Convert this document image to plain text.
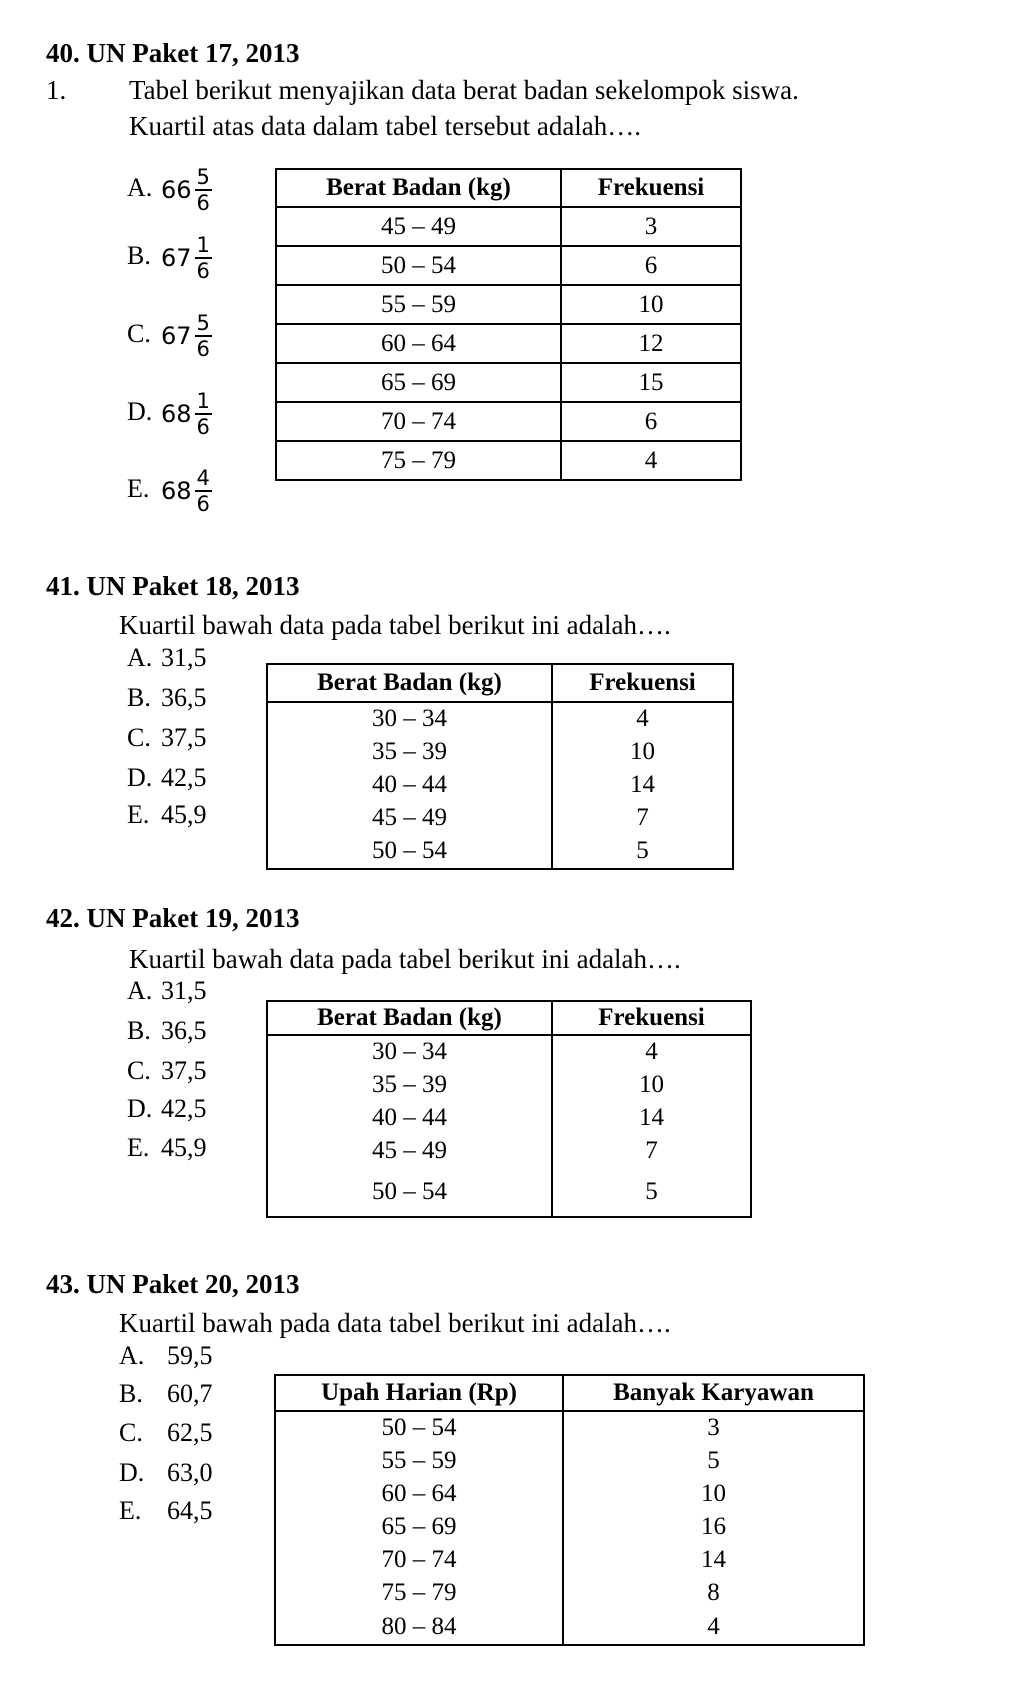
40. UN Paket 17, 2013
1. Tabel berikut menyajikan data berat badan sekelompok siswa.
Kuartil atas data dalam tabel tersebut adalah….
A. $66 \frac{5}{6}$
B. $67 \frac{1}{6}$
C. $67 \frac{5}{6}$
D. $68 \frac{1}{6}$
E. $68 \frac{4}{6}$
Berat Badan (kg)	Frekuensi
45 – 49	3
50 – 54	6
55 – 59	10
60 – 64	12
65 – 69	15
70 – 74	6
75 – 79	4
41. UN Paket 18, 2013
Kuartil bawah data pada tabel berikut ini adalah….
A. 31,5
B. 36,5
C. 37,5
D. 42,5
E. 45,9
Berat Badan (kg)	Frekuensi
30 – 34	4
35 – 39	10
40 – 44	14
45 – 49	7
50 – 54	5
42. UN Paket 19, 2013
Kuartil bawah data pada tabel berikut ini adalah….
A. 31,5
B. 36,5
C. 37,5
D. 42,5
E. 45,9
Berat Badan (kg)	Frekuensi
30 – 34	4
35 – 39	10
40 – 44	14
45 – 49	7
50 – 54	5
43. UN Paket 20, 2013
Kuartil bawah pada data tabel berikut ini adalah….
A. 59,5
B. 60,7
C. 62,5
D. 63,0
E. 64,5
Upah Harian (Rp)	Banyak Karyawan
50 – 54	3
55 – 59	5
60 – 64	10
65 – 69	16
70 – 74	14
75 – 79	8
80 – 84	4
